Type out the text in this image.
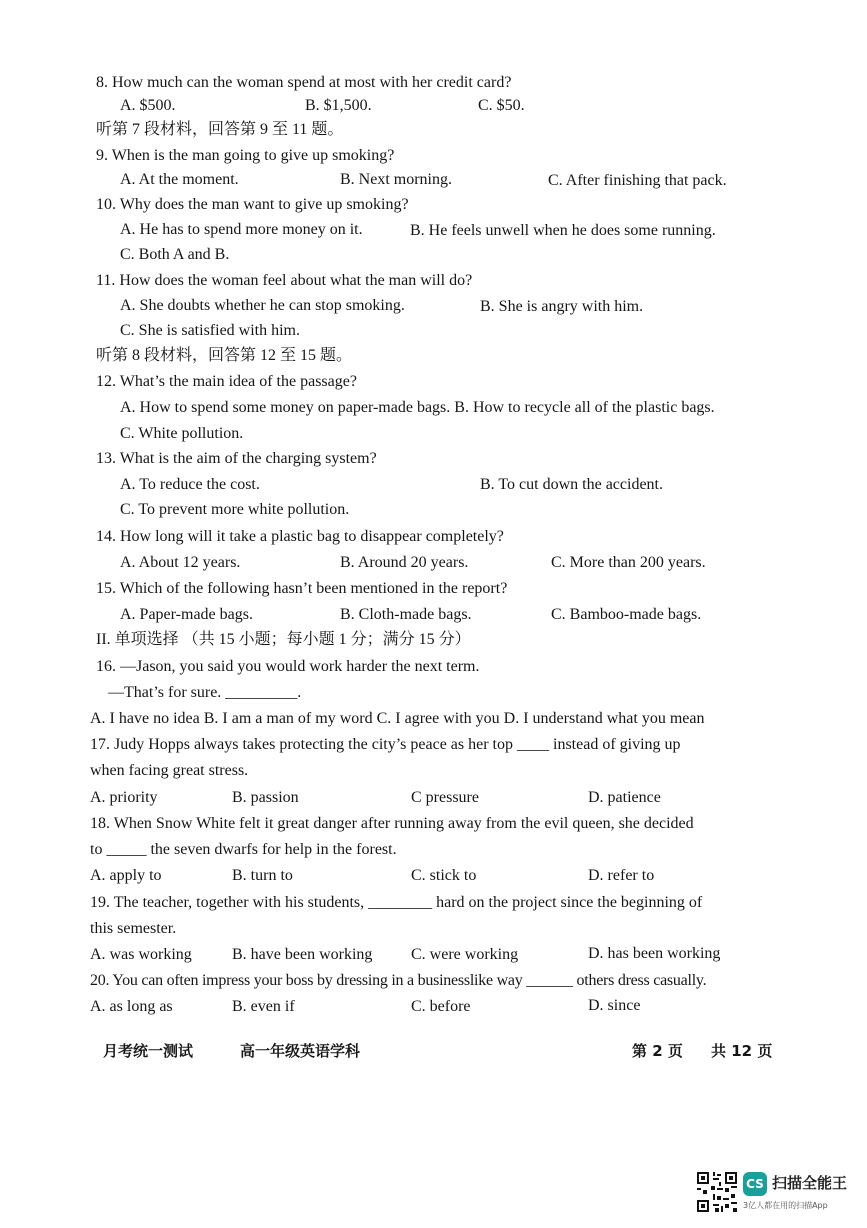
8. How much can the woman spend at most with her credit card?
A. $500.	B. $1,500.	C. $50.
听第 7 段材料，回答第 9 至 11 题。
9. When is the man going to give up smoking?
A. At the moment.	B. Next morning.	C. After finishing that pack.
10. Why does the man want to give up smoking?
A. He has to spend more money on it.	B. He feels unwell when he does some running.
C. Both A and B.
11. How does the woman feel about what the man will do?
A. She doubts whether he can stop smoking.	B. She is angry with him.
C. She is satisfied with him.
听第 8 段材料，回答第 12 至 15 题。
12. What’s the main idea of the passage?
A. How to spend some money on paper-made bags. B. How to recycle all of the plastic bags.
C. White pollution.
13. What is the aim of the charging system?
A. To reduce the cost.	B. To cut down the accident.
C. To prevent more white pollution.
14. How long will it take a plastic bag to disappear completely?
A. About 12 years.	B. Around 20 years.	C. More than 200 years.
15. Which of the following hasn’t been mentioned in the report?
A. Paper-made bags.	B. Cloth-made bags.	C. Bamboo-made bags.
II. 单项选择 （共 15 小题；每小题 1 分；满分 15 分）
16. —Jason, you said you would work harder the next term.
—That’s for sure. _________.
A. I have no idea B. I am a man of my word C. I agree with you D. I understand what you mean
17. Judy Hopps always takes protecting the city’s peace as her top ____ instead of giving up
when facing great stress.
A. priority	B. passion	C pressure	D. patience
18. When Snow White felt it great danger after running away from the evil queen, she decided
to _____ the seven dwarfs for help in the forest.
A. apply to	B. turn to	C. stick to	D. refer to
19. The teacher, together with his students, ________ hard on the project since the beginning of
this semester.
A. was working	B. have been working C. were working	D. has been working
20. You can often impress your boss by dressing in a businesslike way ______ others dress casually.
A. as long as	B. even if	C. before	D. since
月考统一测试	高一年级英语学科	第 2 页 共 12 页
CS 扫描全能王
3亿人都在用的扫描App
